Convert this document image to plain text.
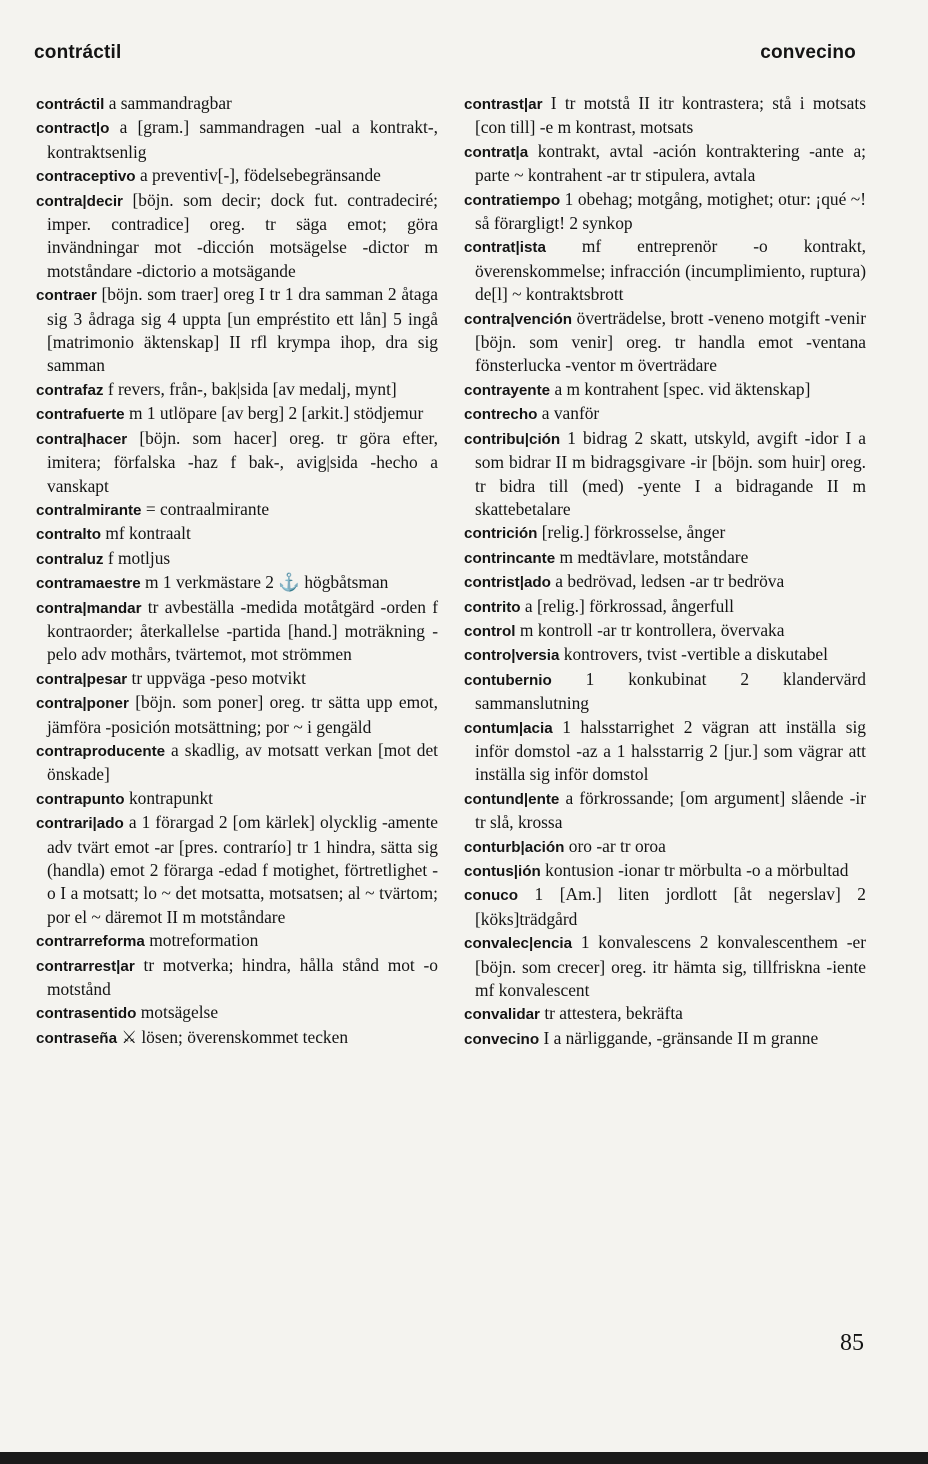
contráctil	convecino
contráctil a sammandragbar
contract|o a [gram.] sammandragen -ual a kontrakt-, kontraktsenlig
contraceptivo a preventiv[-], födelsebegränsande
contra|decir [böjn. som decir; dock fut. contradeciré; imper. contradice] oreg. tr säga emot; göra invändningar mot -dicción motsägelse -dictor m motståndare -dictorio a motsägande
contraer [böjn. som traer] oreg I tr 1 dra samman 2 åtaga sig 3 ådraga sig 4 uppta [un empréstito ett lån] 5 ingå [matrimonio äktenskap] II rfl krympa ihop, dra sig samman
contrafaz f revers, från-, bak|sida [av medalj, mynt]
contrafuerte m 1 utlöpare [av berg] 2 [arkit.] stödjemur
contra|hacer [böjn. som hacer] oreg. tr göra efter, imitera; förfalska -haz f bak-, avig|sida -hecho a vanskapt
contralmirante = contraalmirante
contralto mf kontraalt
contraluz f motljus
contramaestre m 1 verkmästare 2 ⚓ högbåtsman
contra|mandar tr avbeställa -medida motåtgärd -orden f kontraorder; återkallelse -partida [hand.] moträkning -pelo adv mothårs, tvärtemot, mot strömmen
contra|pesar tr uppväga -peso motvikt
contra|poner [böjn. som poner] oreg. tr sätta upp emot, jämföra -posición motsättning; por ~ i gengäld
contraproducente a skadlig, av motsatt verkan [mot det önskade]
contrapunto kontrapunkt
contrari|ado a 1 förargad 2 [om kärlek] olycklig -amente adv tvärt emot -ar [pres. contrarío] tr 1 hindra, sätta sig (handla) emot 2 förarga -edad f motighet, förtretlighet -o I a motsatt; lo ~ det motsatta, motsatsen; al ~ tvärtom; por el ~ däremot II m motståndare
contrarreforma motreformation
contrarrest|ar tr motverka; hindra, hålla stånd mot -o motstånd
contrasentido motsägelse
contraseña ⚔ lösen; överenskommet tecken
contrast|ar I tr motstå II itr kontrastera; stå i motsats [con till] -e m kontrast, motsats
contrat|a kontrakt, avtal -ación kontraktering -ante a; parte ~ kontrahent -ar tr stipulera, avtala
contratiempo 1 obehag; motgång, motighet; otur: ¡qué ~! så förargligt! 2 synkop
contrat|ista mf entreprenör -o kontrakt, överenskommelse; infracción (incumplimiento, ruptura) de[l] ~ kontraktsbrott
contra|vención överträdelse, brott -veneno motgift -venir [böjn. som venir] oreg. tr handla emot -ventana fönsterlucka -ventor m överträdare
contrayente a m kontrahent [spec. vid äktenskap]
contrecho a vanför
contribu|ción 1 bidrag 2 skatt, utskyld, avgift -idor I a som bidrar II m bidragsgivare -ir [böjn. som huir] oreg. tr bidra till (med) -yente I a bidragande II m skattebetalare
contrición [relig.] förkrosselse, ånger
contrincante m medtävlare, motståndare
contrist|ado a bedrövad, ledsen -ar tr bedröva
contrito a [relig.] förkrossad, ångerfull
control m kontroll -ar tr kontrollera, övervaka
contro|versia kontrovers, tvist -vertible a diskutabel
contubernio 1 konkubinat 2 klandervärd sammanslutning
contum|acia 1 halsstarrighet 2 vägran att inställa sig inför domstol -az a 1 halsstarrig 2 [jur.] som vägrar att inställa sig inför domstol
contund|ente a förkrossande; [om argument] slående -ir tr slå, krossa
conturb|ación oro -ar tr oroa
contus|ión kontusion -ionar tr mörbulta -o a mörbultad
conuco 1 [Am.] liten jordlott [åt negerslav] 2 [köks]trädgård
convalec|encia 1 konvalescens 2 konvalescenthem -er [böjn. som crecer] oreg. itr hämta sig, tillfriskna -iente mf konvalescent
convalidar tr attestera, bekräfta
convecino I a närliggande, -gränsande II m granne
85
